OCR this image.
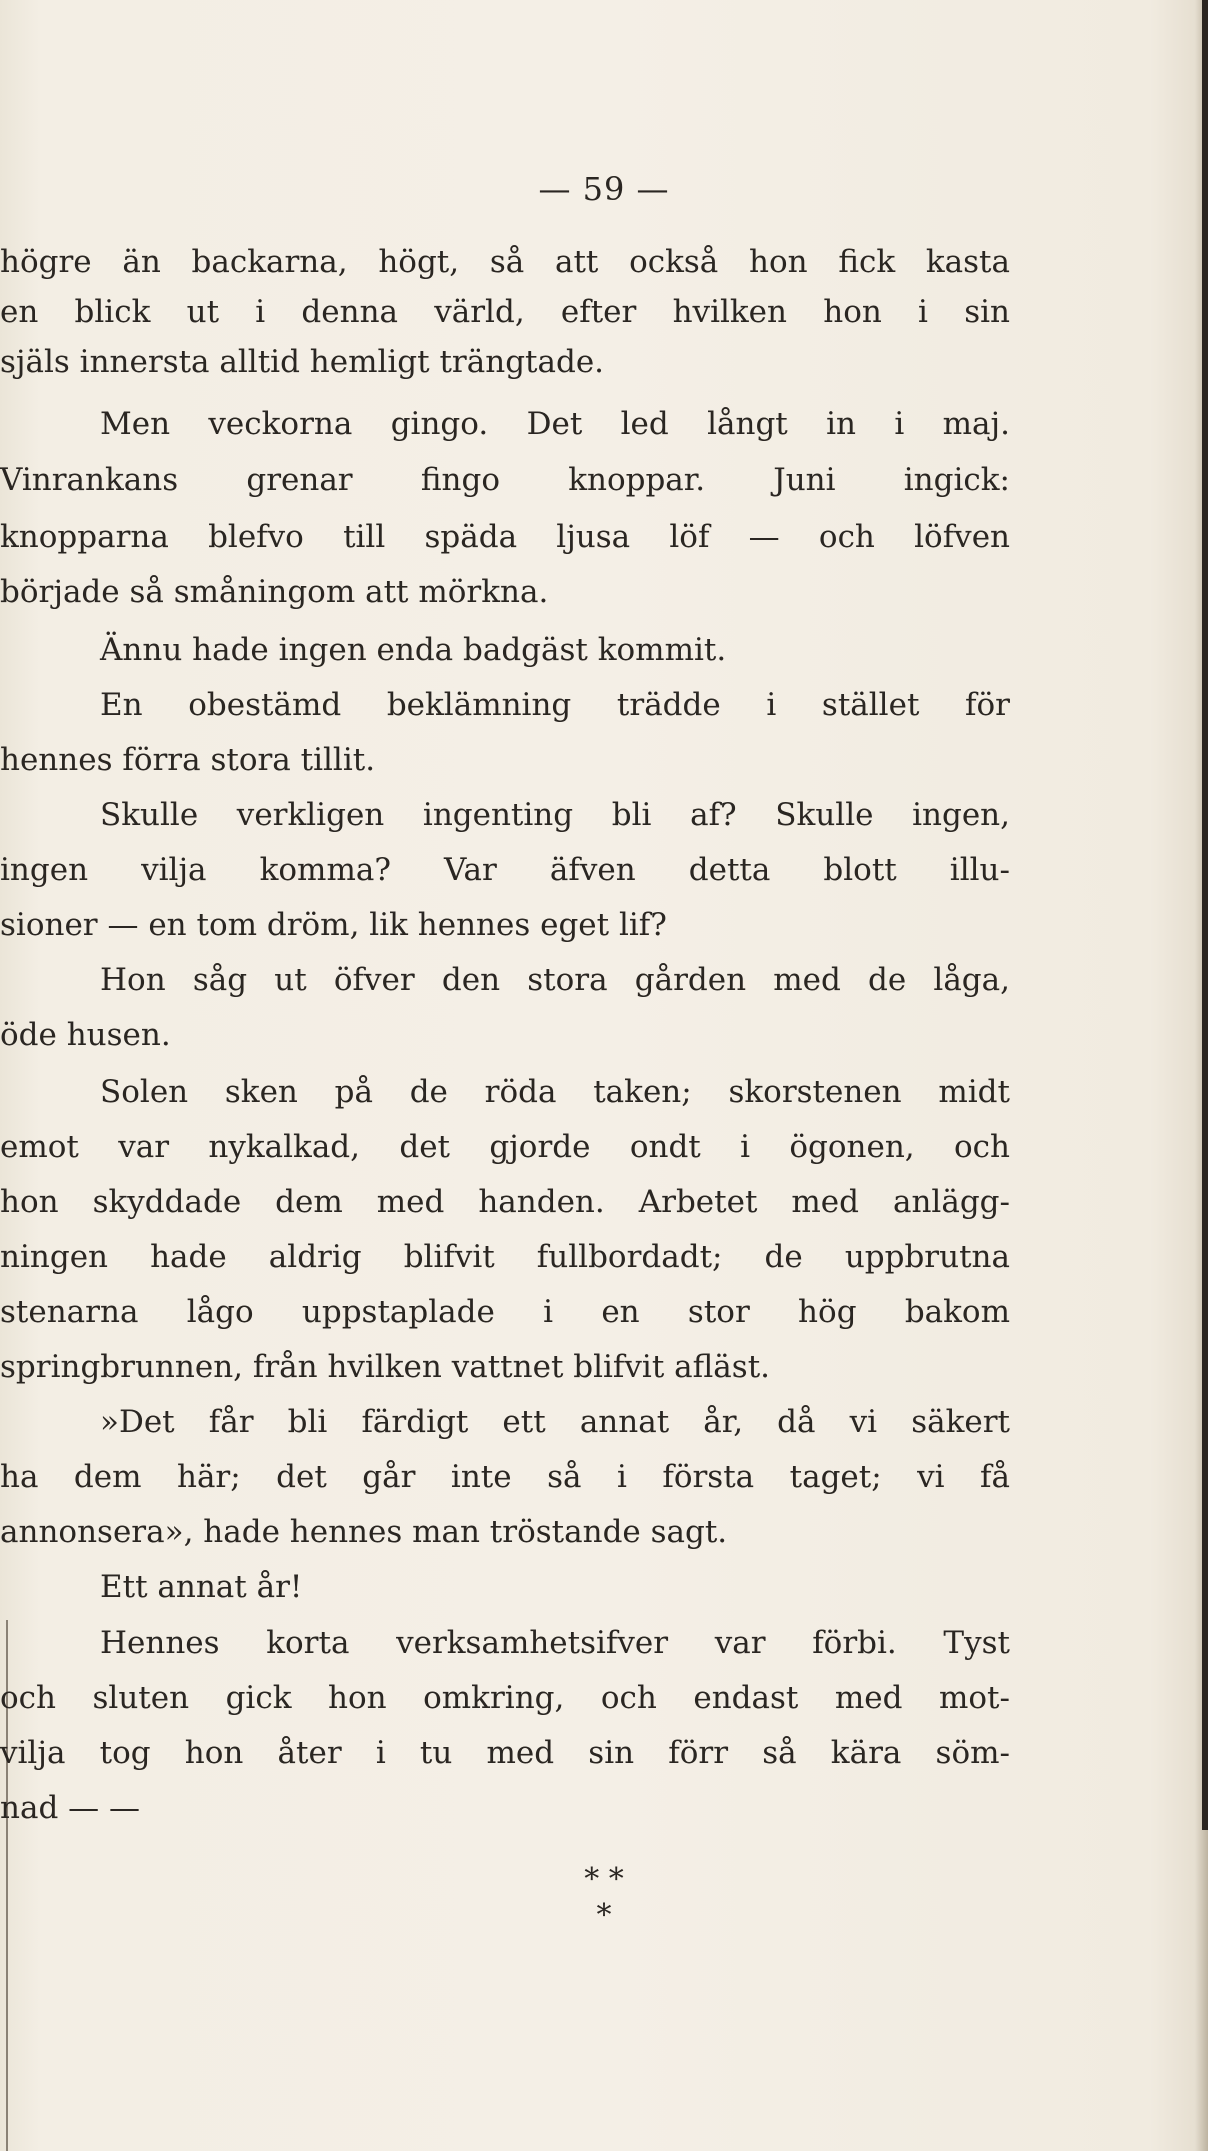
— 59 —
högre än backarna, högt, så att också hon fick kasta
en blick ut i denna värld, efter hvilken hon i sin
själs innersta alltid hemligt trängtade.
Men veckorna gingo. Det led långt in i maj.
Vinrankans grenar fingo knoppar. Juni ingick:
knopparna blefvo till späda ljusa löf — och löfven
började så småningom att mörkna.
Ännu hade ingen enda badgäst kommit.
En obestämd beklämning trädde i stället för
hennes förra stora tillit.
Skulle verkligen ingenting bli af? Skulle ingen,
ingen vilja komma? Var äfven detta blott illu-
sioner — en tom dröm, lik hennes eget lif?
Hon såg ut öfver den stora gården med de låga,
öde husen.
Solen sken på de röda taken; skorstenen midt
emot var nykalkad, det gjorde ondt i ögonen, och
hon skyddade dem med handen. Arbetet med anlägg-
ningen hade aldrig blifvit fullbordadt; de uppbrutna
stenarna lågo uppstaplade i en stor hög bakom
springbrunnen, från hvilken vattnet blifvit afläst.
»Det får bli färdigt ett annat år, då vi säkert
ha dem här; det går inte så i första taget; vi få
annonsera», hade hennes man tröstande sagt.
Ett annat år!
Hennes korta verksamhetsifver var förbi. Tyst
och sluten gick hon omkring, och endast med mot-
vilja tog hon åter i tu med sin förr så kära söm-
nad — —
* *
*
